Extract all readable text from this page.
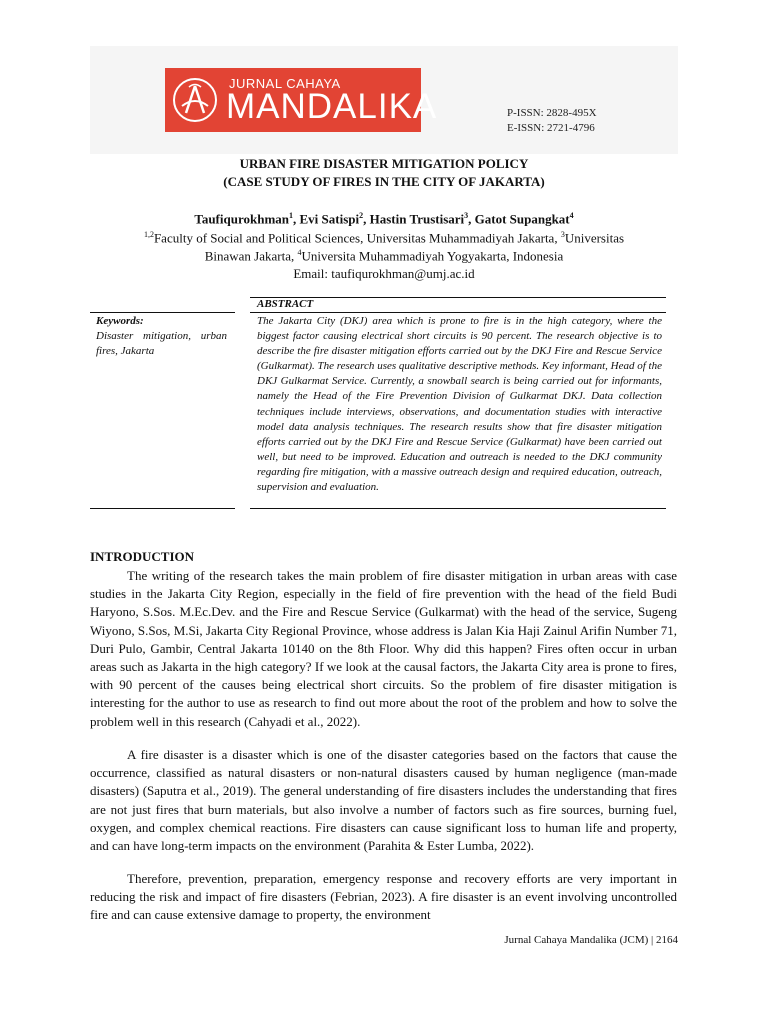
JURNAL CAHAYA
MANDALIKA	P-ISSN: 2828-495X
E-ISSN: 2721-4796
URBAN FIRE DISASTER MITIGATION POLICY
(CASE STUDY OF FIRES IN THE CITY OF JAKARTA)
Taufiqurokhman$^1$, Evi Satispi$^2$, Hastin Trustisari$^3$, Gatot Supangkat$^4$
$^{1,2}$Faculty of Social and Political Sciences, Universitas Muhammadiyah Jakarta, $^3$Universitas
Binawan Jakarta, $^4$Universita Muhammadiyah Yogyakarta, Indonesia
Email: taufiqurokhman@umj.ac.id
ABSTRACT
Keywords:
Disaster mitigation, urban fires, Jakarta
The Jakarta City (DKJ) area which is prone to fire is in the high category, where the biggest factor causing electrical short circuits is 90 percent. The research objective is to describe the fire disaster mitigation efforts carried out by the DKJ Fire and Rescue Service (Gulkarmat). The research uses qualitative descriptive methods. Key informant, Head of the DKJ Gulkarmat Service. Currently, a snowball search is being carried out for informants, namely the Head of the Fire Prevention Division of Gulkarmat DKJ. Data collection techniques include interviews, observations, and documentation studies with interactive model data analysis techniques. The research results show that fire disaster mitigation efforts carried out by the DKJ Fire and Rescue Service (Gulkarmat) have been carried out well, but need to be improved. Education and outreach is needed to the DKJ community regarding fire mitigation, with a massive outreach design and required education, outreach, supervision and evaluation.
INTRODUCTION

The writing of the research takes the main problem of fire disaster mitigation in urban areas with case studies in the Jakarta City Region, especially in the field of fire prevention with the head of the field Budi Haryono, S.Sos. M.Ec.Dev. and the Fire and Rescue Service (Gulkarmat) with the head of the service, Sugeng Wiyono, S.Sos, M.Si, Jakarta City Regional Province, whose address is Jalan Kia Haji Zainul Arifin Number 71, Duri Pulo, Gambir, Central Jakarta 10140 on the 8th Floor. Why did this happen? Fires often occur in urban areas such as Jakarta in the high category? If we look at the causal factors, the Jakarta City area is prone to fires, with 90 percent of the causes being electrical short circuits. So the problem of fire disaster mitigation is interesting for the author to use as research to find out more about the root of the problem and how to solve the problem well in this research (Cahyadi et al., 2022).

A fire disaster is a disaster which is one of the disaster categories based on the factors that cause the occurrence, classified as natural disasters or non-natural disasters caused by human negligence (man-made disasters) (Saputra et al., 2019). The general understanding of fire disasters includes the understanding that fires are not just fires that burn materials, but also involve a number of factors such as fire sources, burning fuel, oxygen, and complex chemical reactions. Fire disasters can cause significant loss to human life and property, and can have long-term impacts on the environment (Parahita & Ester Lumba, 2022).

Therefore, prevention, preparation, emergency response and recovery efforts are very important in reducing the risk and impact of fire disasters (Febrian, 2023). A fire disaster is an event involving uncontrolled fire and can cause extensive damage to property, the environment

Jurnal Cahaya Mandalika (JCM) | 2164
